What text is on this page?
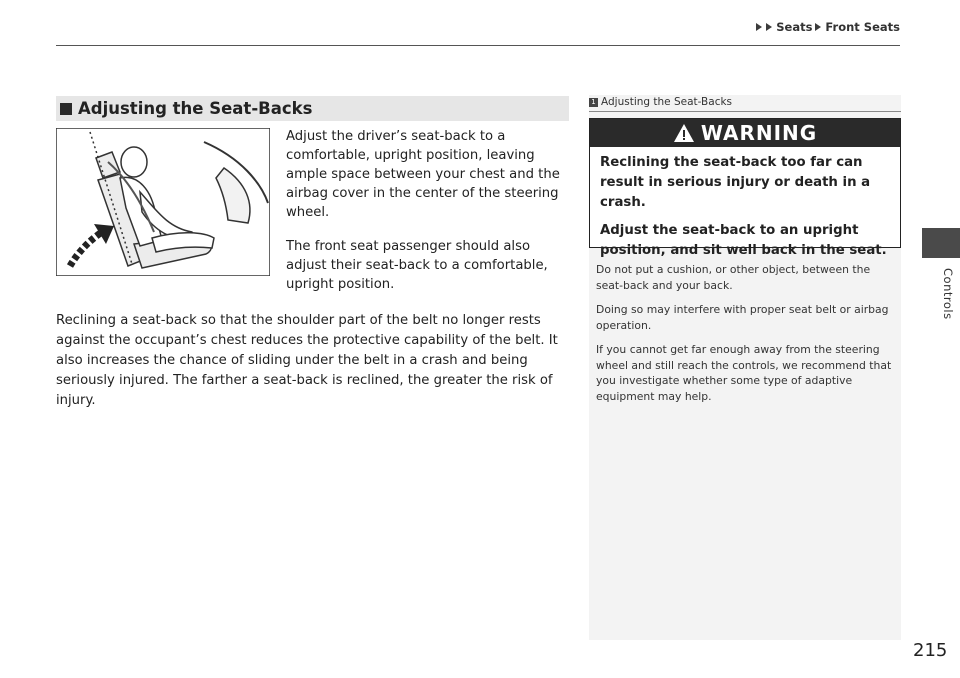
Seats Front Seats
Adjusting the Seat-Backs

Adjust the driver’s seat-back to a comfortable, upright position, leaving ample space between your chest and the airbag cover in the center of the steering wheel.

The front seat passenger should also adjust their seat-back to a comfortable, upright position.

Reclining a seat-back so that the shoulder part of the belt no longer rests against the occupant’s chest reduces the protective capability of the belt. It also increases the chance of sliding under the belt in a crash and being seriously injured. The farther a seat-back is reclined, the greater the risk of injury.
1 Adjusting the Seat-Backs
WARNING

Reclining the seat-back too far can result in serious injury or death in a crash.

Adjust the seat-back to an upright position, and sit well back in the seat.

Do not put a cushion, or other object, between the seat-back and your back.

Doing so may interfere with proper seat belt or airbag operation.

If you cannot get far enough away from the steering wheel and still reach the controls, we recommend that you investigate whether some type of adaptive equipment may help.

Controls
215
